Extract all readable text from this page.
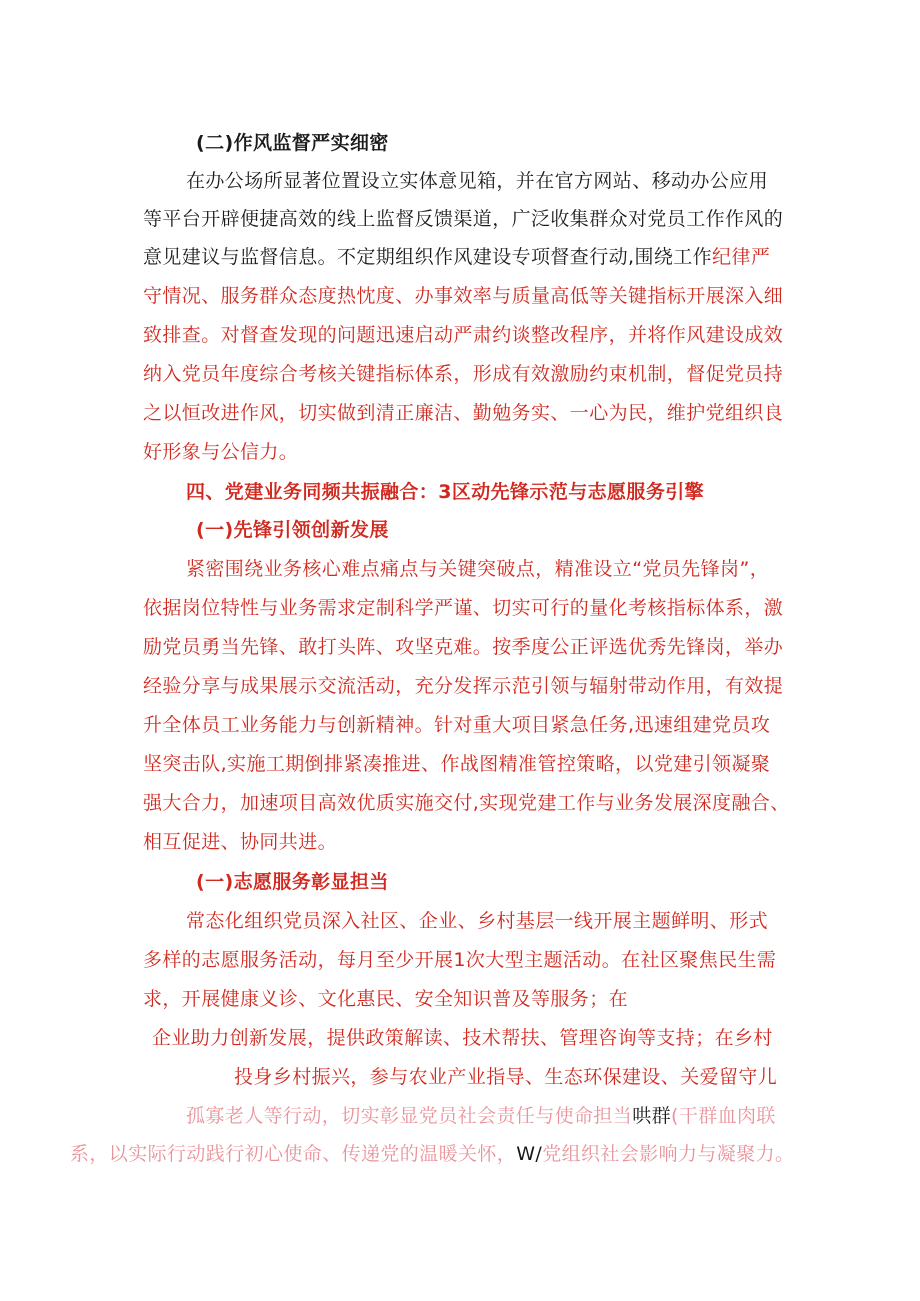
(二)作风监督严实细密
在办公场所显著位置设立实体意见箱，并在官方网站、移动办公应用
等平台开辟便捷高效的线上监督反馈渠道，广泛收集群众对党员工作作风的
意见建议与监督信息。不定期组织作风建设专项督查行动,围绕工作纪律严
守情况、服务群众态度热忱度、办事效率与质量高低等关键指标开展深入细
致排查。对督查发现的问题迅速启动严肃约谈整改程序，并将作风建设成效
纳入党员年度综合考核关键指标体系，形成有效激励约束机制，督促党员持
之以恒改进作风，切实做到清正廉洁、勤勉务实、一心为民，维护党组织良
好形象与公信力。
四、党建业务同频共振融合：3区动先锋示范与志愿服务引擎
(一)先锋引领创新发展
紧密围绕业务核心难点痛点与关键突破点，精准设立“党员先锋岗”，
依据岗位特性与业务需求定制科学严谨、切实可行的量化考核指标体系，激
励党员勇当先锋、敢打头阵、攻坚克难。按季度公正评选优秀先锋岗，举办
经验分享与成果展示交流活动，充分发挥示范引领与辐射带动作用，有效提
升全体员工业务能力与创新精神。针对重大项目紧急任务,迅速组建党员攻
坚突击队,实施工期倒排紧凑推进、作战图精准管控策略，以党建引领凝聚
强大合力，加速项目高效优质实施交付,实现党建工作与业务发展深度融合、
相互促进、协同共进。
(一)志愿服务彰显担当
常态化组织党员深入社区、企业、乡村基层一线开展主题鲜明、形式
多样的志愿服务活动，每月至少开展1次大型主题活动。在社区聚焦民生需
求，开展健康义诊、文化惠民、安全知识普及等服务；在
企业助力创新发展，提供政策解读、技术帮扶、管理咨询等支持；在乡村
投身乡村振兴，参与农业产业指导、生态环保建设、关爱留守儿
孤寡老人等行动，切实彰显党员社会责任与使命担当哄群(干群血肉联
系，以实际行动践行初心使命、传递党的温暖关怀，W/党组织社会影响力与凝聚力。
